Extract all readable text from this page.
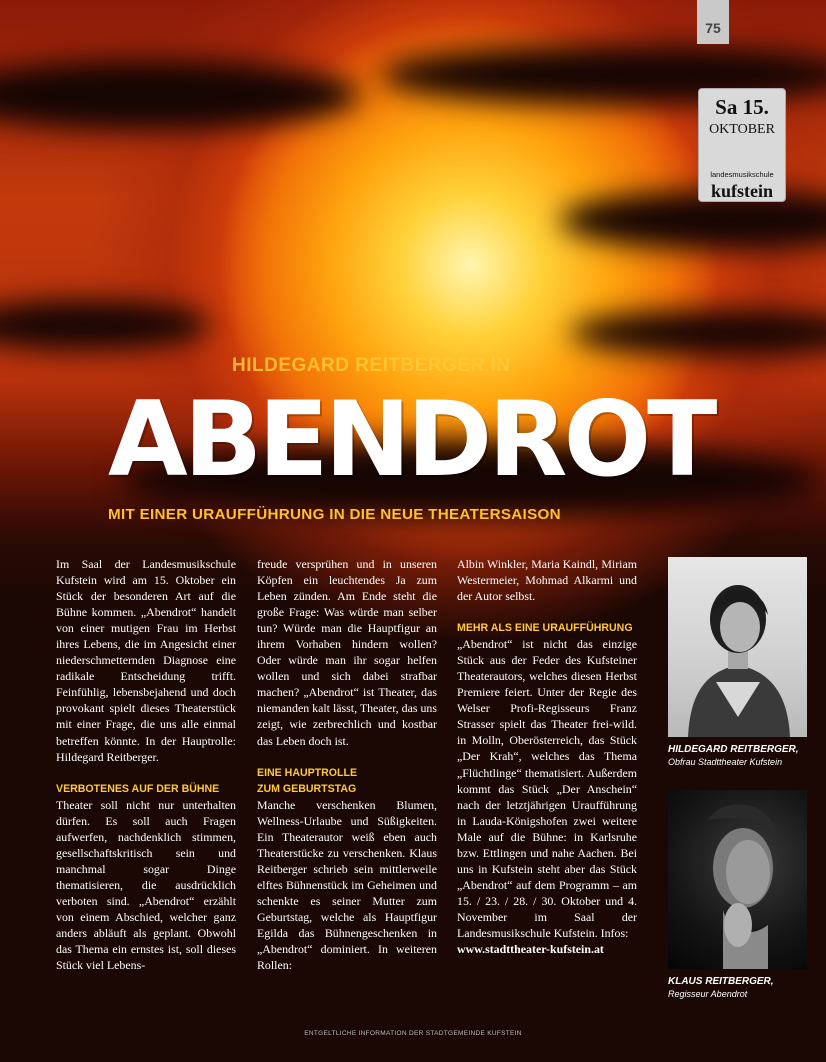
75
Sa 15.
OKTOBER
landesmusikschule
kufstein
HILDEGARD REITBERGER IN
ABENDROT
MIT EINER URAUFFÜHRUNG IN DIE NEUE THEATERSAISON

Im Saal der Landesmusikschule Kufstein wird am 15. Oktober ein Stück der besonderen Art auf die Bühne kommen. „Abendrot“ handelt von einer mutigen Frau im Herbst ihres Lebens, die im Angesicht einer niederschmetternden Diagnose eine radikale Entscheidung trifft. Feinfühlig, lebensbejahend und doch provokant spielt dieses Theaterstück mit einer Frage, die uns alle einmal betreffen könnte. In der Hauptrolle: Hildegard Reitberger.

VERBOTENES AUF DER BÜHNE

Theater soll nicht nur unterhalten dürfen. Es soll auch Fragen aufwerfen, nachdenklich stimmen, gesellschaftskritisch sein und manchmal sogar Dinge thematisieren, die ausdrücklich verboten sind. „Abendrot“ erzählt von einem Abschied, welcher ganz anders abläuft als geplant. Obwohl das Thema ein ernstes ist, soll dieses Stück viel Lebens-

freude versprühen und in unseren Köpfen ein leuchtendes Ja zum Leben zünden. Am Ende steht die große Frage: Was würde man selber tun? Würde man die Hauptfigur an ihrem Vorhaben hindern wollen? Oder würde man ihr sogar helfen wollen und sich dabei strafbar machen? „Abendrot“ ist Theater, das niemanden kalt lässt, Theater, das uns zeigt, wie zerbrechlich und kostbar das Leben doch ist.

EINE HAUPTROLLE
ZUM GEBURTSTAG

Manche verschenken Blumen, Wellness-Urlaube und Süßigkeiten. Ein Theaterautor weiß eben auch Theaterstücke zu verschenken. Klaus Reitberger schrieb sein mittlerweile elftes Bühnenstück im Geheimen und schenkte es seiner Mutter zum Geburtstag, welche als Hauptfigur Egilda das Bühnengeschenken in „Abendrot“ dominiert. In weiteren Rollen:

Albin Winkler, Maria Kaindl, Miriam Westermeier, Mohmad Alkarmi und der Autor selbst.

MEHR ALS EINE URAUFFÜHRUNG

„Abendrot“ ist nicht das einzige Stück aus der Feder des Kufsteiner Theaterautors, welches diesen Herbst Premiere feiert. Unter der Regie des Welser Profi-Regisseurs Franz Strasser spielt das Theater frei-wild. in Molln, Oberösterreich, das Stück „Der Krah“, welches das Thema „Flüchtlinge“ thematisiert. Außerdem kommt das Stück „Der Anschein“ nach der letztjährigen Uraufführung in Lauda-Königshofen zwei weitere Male auf die Bühne: in Karlsruhe bzw. Ettlingen und nahe Aachen. Bei uns in Kufstein steht aber das Stück „Abendrot“ auf dem Programm – am 15. / 23. / 28. / 30. Oktober und 4. November im Saal der Landesmusikschule Kufstein. Infos:
www.stadttheater-kufstein.at

HILDEGARD REITBERGER,
Obfrau Stadttheater Kufstein
KLAUS REITBERGER,
Regisseur Abendrot
ENTGELTLICHE INFORMATION DER STADTGEMEINDE KUFSTEIN
